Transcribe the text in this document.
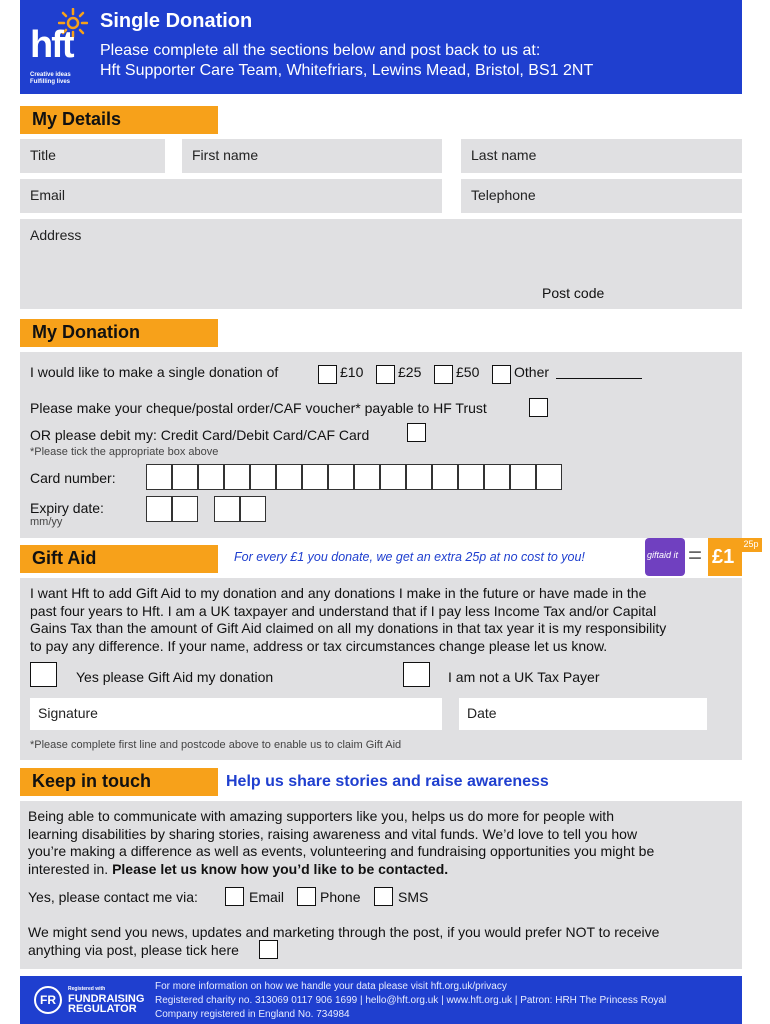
hft
Creative ideas Fulfilling lives
Single Donation
Please complete all the sections below and post back to us at:
Hft Supporter Care Team, Whitefriars, Lewins Mead, Bristol, BS1 2NT
My Details
Title	First name	Last name
Email	Telephone
Address
Post code
My Donation
I would like to make a single donation of	£10 £25 £50 Other
Please make your cheque/postal order/CAF voucher* payable to HF Trust
OR please debit my: Credit Card/Debit Card/CAF Card
*Please tick the appropriate box above
Card number:
Expiry date:
mm/yy
Gift Aid	For every £1 you donate, we get an extra 25p at no cost to you!	giftaid it = £1
25p
I want Hft to add Gift Aid to my donation and any donations I make in the future or have made in the
past four years to Hft. I am a UK taxpayer and understand that if I pay less Income Tax and/or Capital
Gains Tax than the amount of Gift Aid claimed on all my donations in that tax year it is my responsibility
to pay any difference. If your name, address or tax circumstances change please let us know.
Yes please Gift Aid my donation	I am not a UK Tax Payer
Signature	Date
*Please complete first line and postcode above to enable us to claim Gift Aid
Keep in touch	Help us share stories and raise awareness
Being able to communicate with amazing supporters like you, helps us do more for people with
learning disabilities by sharing stories, raising awareness and vital funds. We’d love to tell you how
you’re making a difference as well as events, volunteering and fundraising opportunities you might be
interested in. Please let us know how you’d like to be contacted.
Yes, please contact me via:	Email	Phone	SMS
We might send you news, updates and marketing through the post, if you would prefer NOT to receive
anything via post, please tick here
FR
Registered with
FUNDRAISING
REGULATOR
For more information on how we handle your data please visit hft.org.uk/privacy
Registered charity no. 313069 0117 906 1699 | hello@hft.org.uk | www.hft.org.uk | Patron: HRH The Princess Royal
Company registered in England No. 734984
